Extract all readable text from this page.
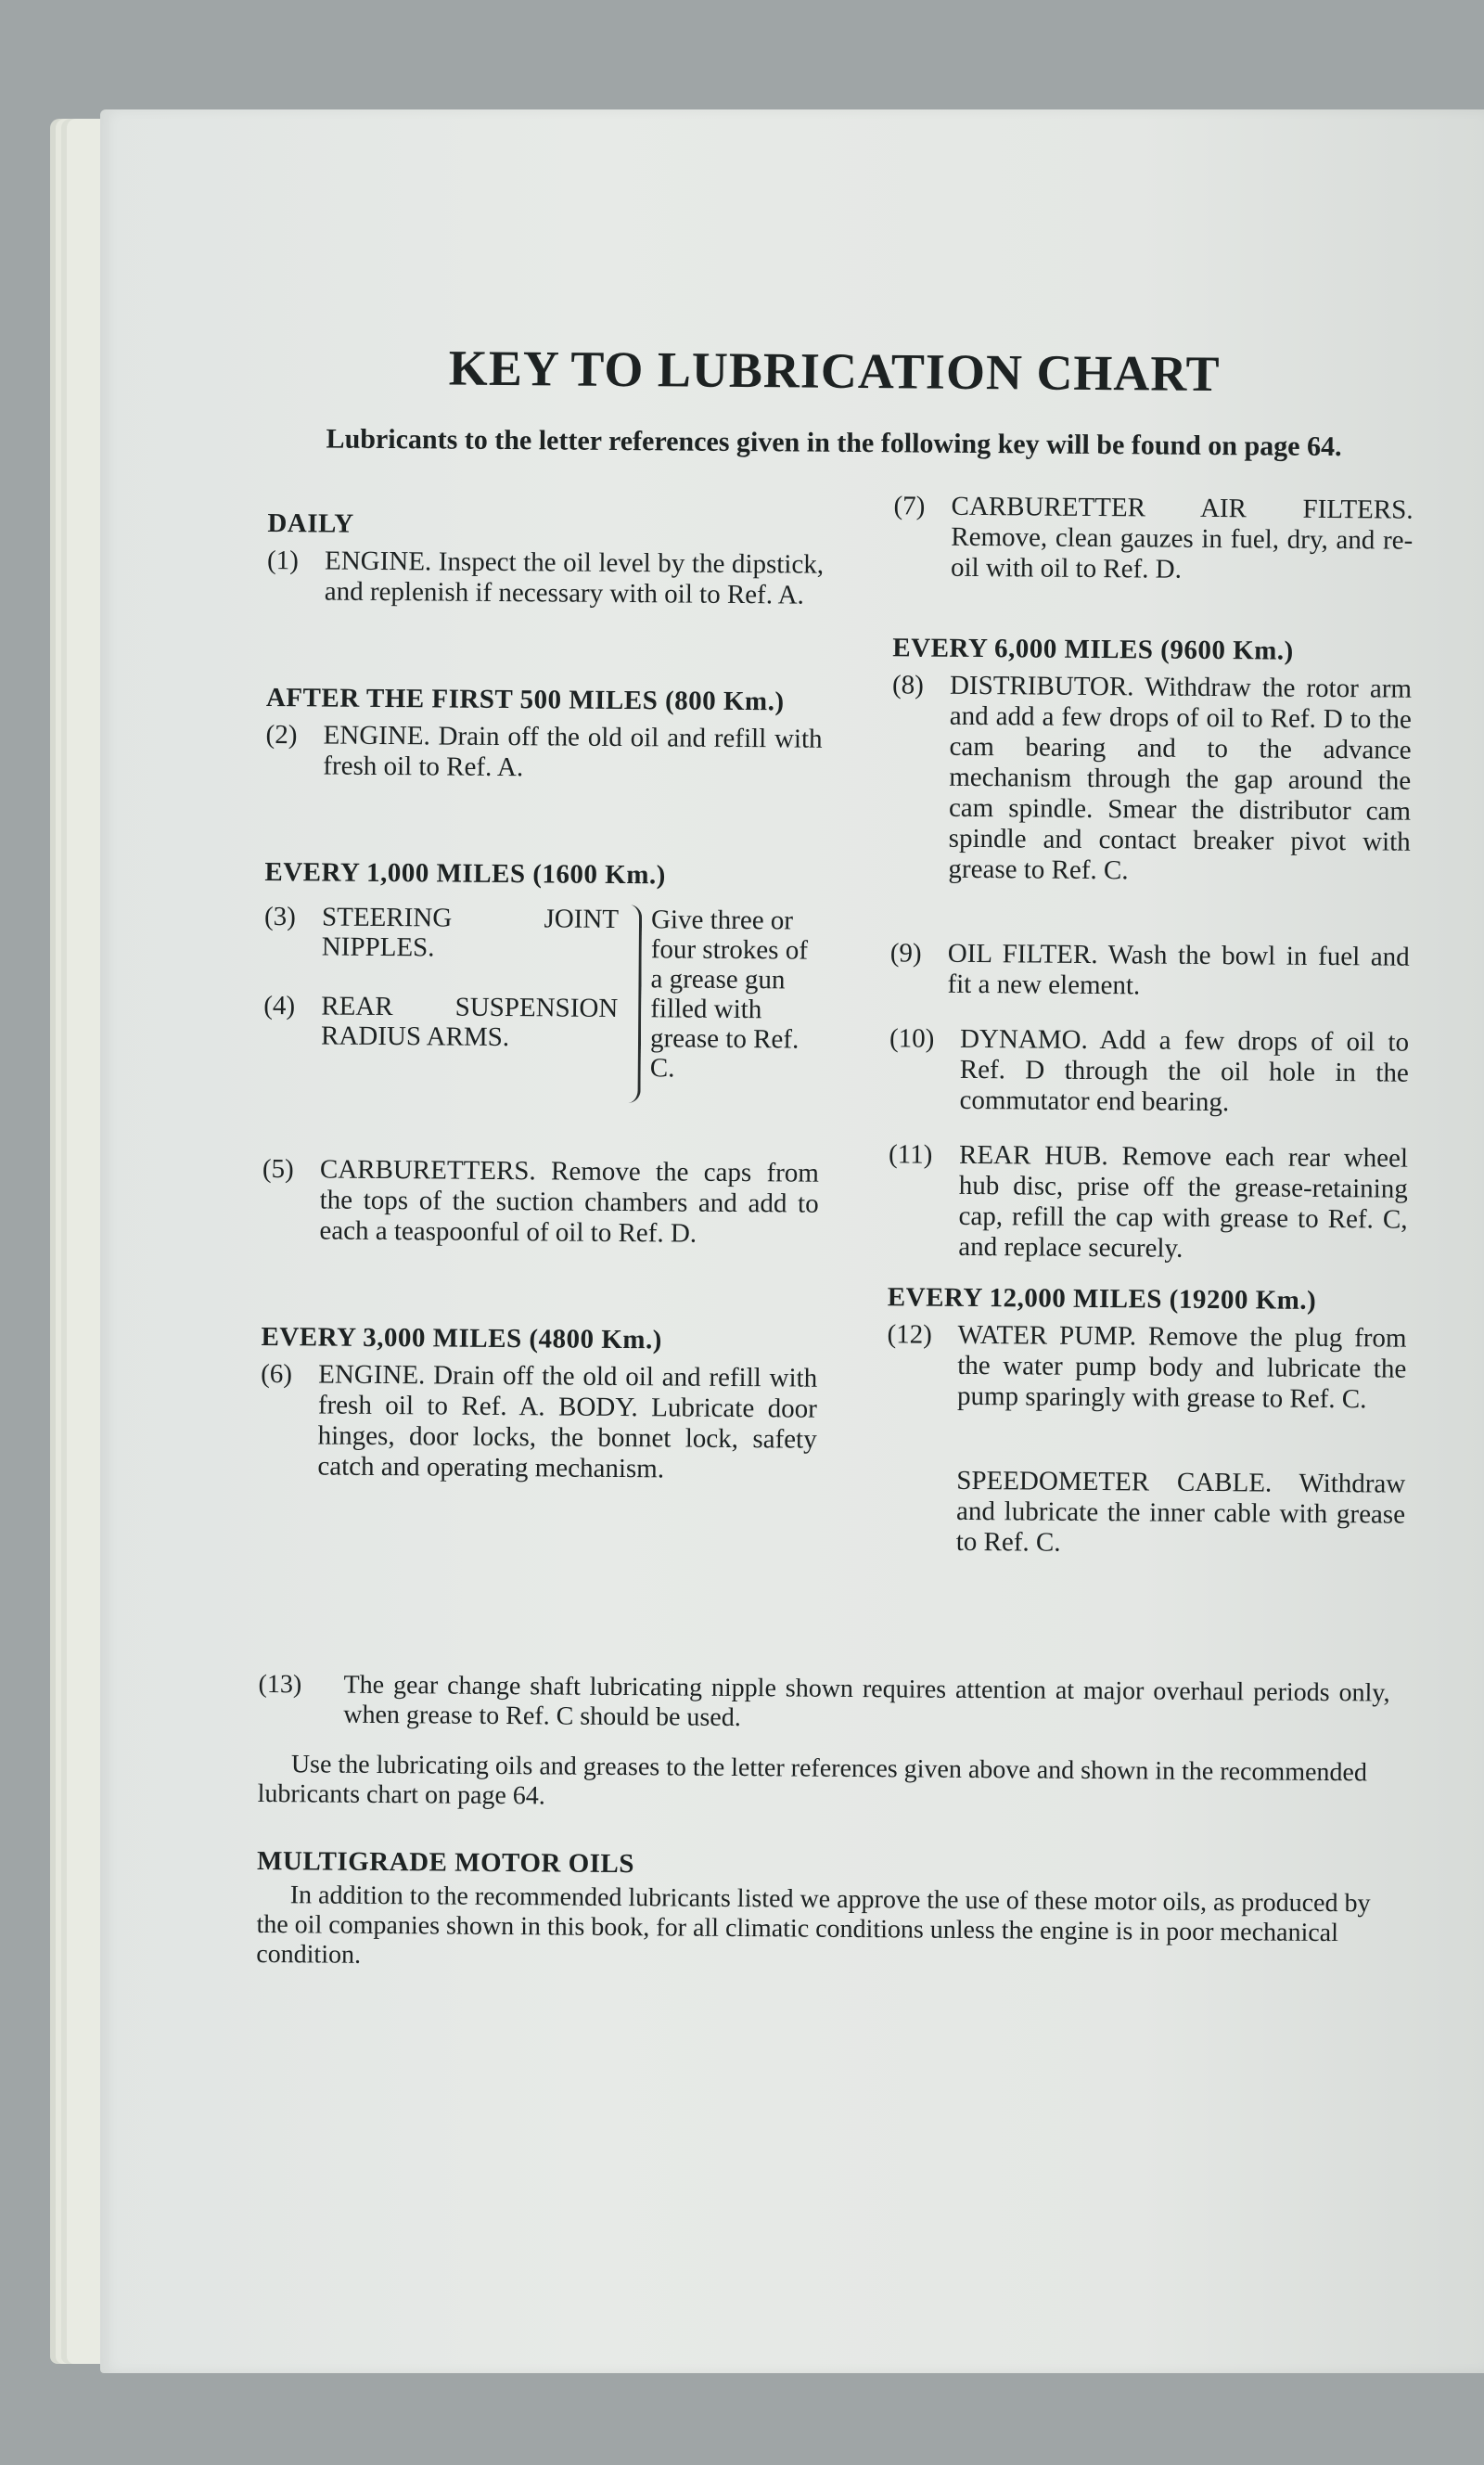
KEY TO LUBRICATION CHART

Lubricants to the letter references given in the following key will be found on page 64.

DAILY
(1) ENGINE. Inspect the oil level by the dipstick, and replenish if necessary with oil to Ref. A.
AFTER THE FIRST 500 MILES (800 Km.)
(2) ENGINE. Drain off the old oil and refill with fresh oil to Ref. A.
EVERY 1,000 MILES (1600 Km.)
(3) STEERING JOINT NIPPLES.
(4) REAR SUSPENSION RADIUS ARMS.
Give three or four strokes of a grease gun filled with grease to Ref. C.
(5) CARBURETTERS. Remove the caps from the tops of the suction chambers and add to each a teaspoonful of oil to Ref. D.
EVERY 3,000 MILES (4800 Km.)
(6) ENGINE. Drain off the old oil and refill with fresh oil to Ref. A. BODY. Lubricate door hinges, door locks, the bonnet lock, safety catch and operating mechanism.
(7) CARBURETTER AIR FILTERS. Remove, clean gauzes in fuel, dry, and re-oil with oil to Ref. D.
EVERY 6,000 MILES (9600 Km.)
(8) DISTRIBUTOR. Withdraw the rotor arm and add a few drops of oil to Ref. D to the cam bearing and to the advance mechanism through the gap around the cam spindle. Smear the distributor cam spindle and contact breaker pivot with grease to Ref. C.
(9) OIL FILTER. Wash the bowl in fuel and fit a new element.
(10) DYNAMO. Add a few drops of oil to Ref. D through the oil hole in the commutator end bearing.
(11) REAR HUB. Remove each rear wheel hub disc, prise off the grease-retaining cap, refill the cap with grease to Ref. C, and replace securely.
EVERY 12,000 MILES (19200 Km.)
(12) WATER PUMP. Remove the plug from the water pump body and lubricate the pump sparingly with grease to Ref. C.
SPEEDOMETER CABLE. Withdraw and lubricate the inner cable with grease to Ref. C.
(13)	The gear change shaft lubricating nipple shown requires attention at major overhaul periods only, when grease to Ref. C should be used.

Use the lubricating oils and greases to the letter references given above and shown in the recommended lubricants chart on page 64.

MULTIGRADE MOTOR OILS

In addition to the recommended lubricants listed we approve the use of these motor oils, as produced by the oil companies shown in this book, for all climatic conditions unless the engine is in poor mechanical condition.
